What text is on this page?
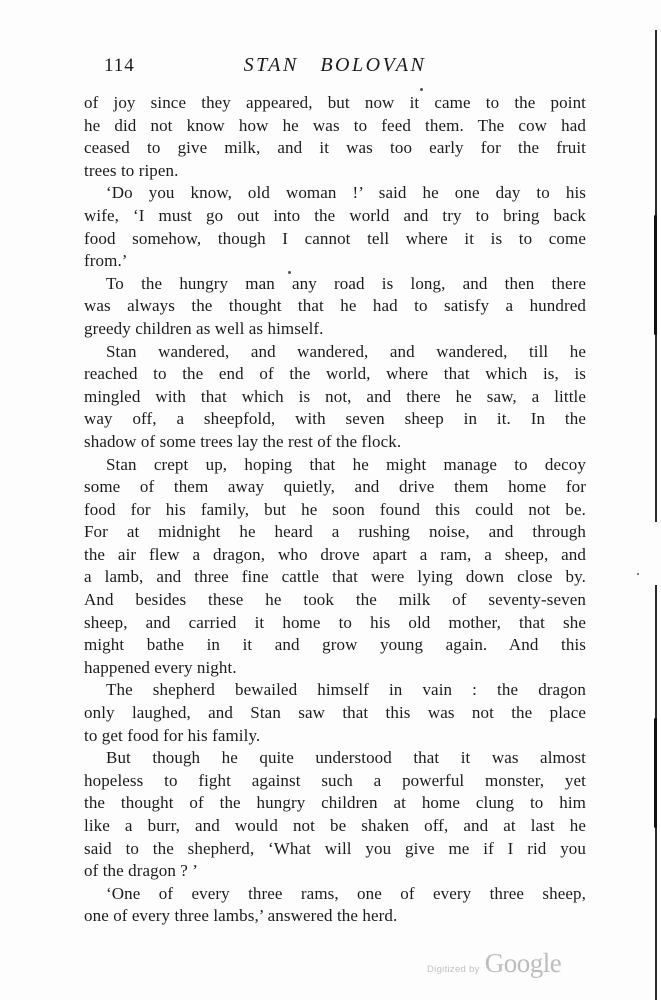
114	STAN BOLOVAN
of joy since they appeared, but now it came to the point
he did not know how he was to feed them. The cow had
ceased to give milk, and it was too early for the fruit
trees to ripen.
‘Do you know, old woman !’ said he one day to his
wife, ‘I must go out into the world and try to bring back
food somehow, though I cannot tell where it is to come
from.’
To the hungry man any road is long, and then there
was always the thought that he had to satisfy a hundred
greedy children as well as himself.
Stan wandered, and wandered, and wandered, till he
reached to the end of the world, where that which is, is
mingled with that which is not, and there he saw, a little
way off, a sheepfold, with seven sheep in it. In the
shadow of some trees lay the rest of the flock.
Stan crept up, hoping that he might manage to decoy
some of them away quietly, and drive them home for
food for his family, but he soon found this could not be.
For at midnight he heard a rushing noise, and through
the air flew a dragon, who drove apart a ram, a sheep, and
a lamb, and three fine cattle that were lying down close by.
And besides these he took the milk of seventy-seven
sheep, and carried it home to his old mother, that she
might bathe in it and grow young again. And this
happened every night.
The shepherd bewailed himself in vain : the dragon
only laughed, and Stan saw that this was not the place
to get food for his family.
But though he quite understood that it was almost
hopeless to fight against such a powerful monster, yet
the thought of the hungry children at home clung to him
like a burr, and would not be shaken off, and at last he
said to the shepherd, ‘What will you give me if I rid you
of the dragon ? ’
‘One of every three rams, one of every three sheep,
one of every three lambs,’ answered the herd.
Digitized by Google
